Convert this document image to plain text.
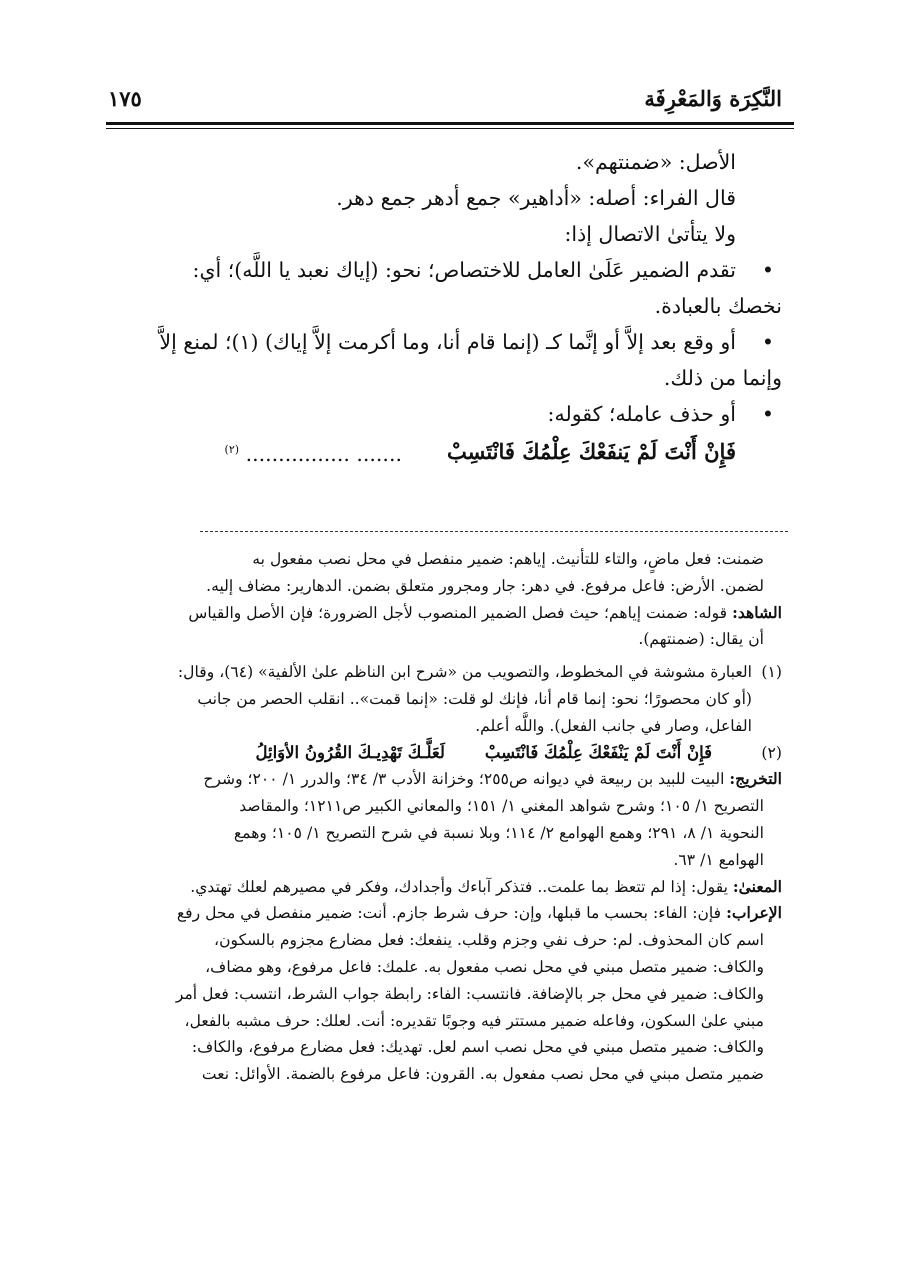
النَّكِرَة وَالمَعْرِفَة
١٧٥

الأصل: «ضمنتهم».

قال الفراء: أصله: «أداهير» جمع أدهر جمع دهر.

ولا يتأتىٰ الاتصال إذا:

•

تقدم الضمير عَلَىٰ العامل للاختصاص؛ نحو: (إياك نعبد يا اللَّه)؛ أي:

نخصك بالعبادة.

•

أو وقع بعد إلاَّ أو إنَّما كـ (إنما قام أنا، وما أكرمت إلاَّ إياك) (١)؛ لمنع إلاَّ

وإنما من ذلك.

•

أو حذف عامله؛ كقوله:

فَإِنْ أَنْتَ لَمْ يَنفَعْكَ عِلْمُكَ فَانْتَسِبْ
....... ................ $^{(٢)}$

ضمنت: فعل ماضٍ، والتاء للتأنيث. إياهم: ضمير منفصل في محل نصب مفعول به

لضمن. الأرض: فاعل مرفوع. في دهر: جار ومجرور متعلق بضمن. الدهارير: مضاف إليه.

الشاهد: قوله: ضمنت إياهم؛ حيث فصل الضمير المنصوب لأجل الضرورة؛ فإن الأصل والقياس

أن يقال: (ضمنتهم).

(١)العبارة مشوشة في المخطوط، والتصويب من «شرح ابن الناظم علىٰ الألفية» (٦٤)، وقال:

(أو كان محصورًا؛ نحو: إنما قام أنا، فإنك لو قلت: «إنما قمت».. انقلب الحصر من جانب

الفاعل، وصار في جانب الفعل). واللَّه أعلم.

(٢)فَإِنْ أَنْتَ لَمْ يَنْفَعْكَ عِلْمُكَ فَانْتَسِبْلَعَلَّـكَ تَهْدِيـكَ القُرُونُ الأوَائِلُ

التخريج: البيت للبيد بن ربيعة في ديوانه ص٢٥٥؛ وخزانة الأدب ٣/ ٣٤؛ والدرر ١/ ٢٠٠؛ وشرح

التصريح ١/ ١٠٥؛ وشرح شواهد المغني ١/ ١٥١؛ والمعاني الكبير ص١٢١١؛ والمقاصد

النحوية ١/ ٨، ٢٩١؛ وهمع الهوامع ٢/ ١١٤؛ وبلا نسبة في شرح التصريح ١/ ١٠٥؛ وهمع

الهوامع ١/ ٦٣.

المعنىٰ: يقول: إذا لم تتعظ بما علمت.. فتذكر آباءك وأجدادك، وفكر في مصيرهم لعلك تهتدي.

الإعراب: فإن: الفاء: بحسب ما قبلها، وإن: حرف شرط جازم. أنت: ضمير منفصل في محل رفع

اسم كان المحذوف. لم: حرف نفي وجزم وقلب. ينفعك: فعل مضارع مجزوم بالسكون،

والكاف: ضمير متصل مبني في محل نصب مفعول به. علمك: فاعل مرفوع، وهو مضاف،

والكاف: ضمير في محل جر بالإضافة. فانتسب: الفاء: رابطة جواب الشرط، انتسب: فعل أمر

مبني علىٰ السكون، وفاعله ضمير مستتر فيه وجوبًا تقديره: أنت. لعلك: حرف مشبه بالفعل،

والكاف: ضمير متصل مبني في محل نصب اسم لعل. تهديك: فعل مضارع مرفوع، والكاف:

ضمير متصل مبني في محل نصب مفعول به. القرون: فاعل مرفوع بالضمة. الأوائل: نعت
